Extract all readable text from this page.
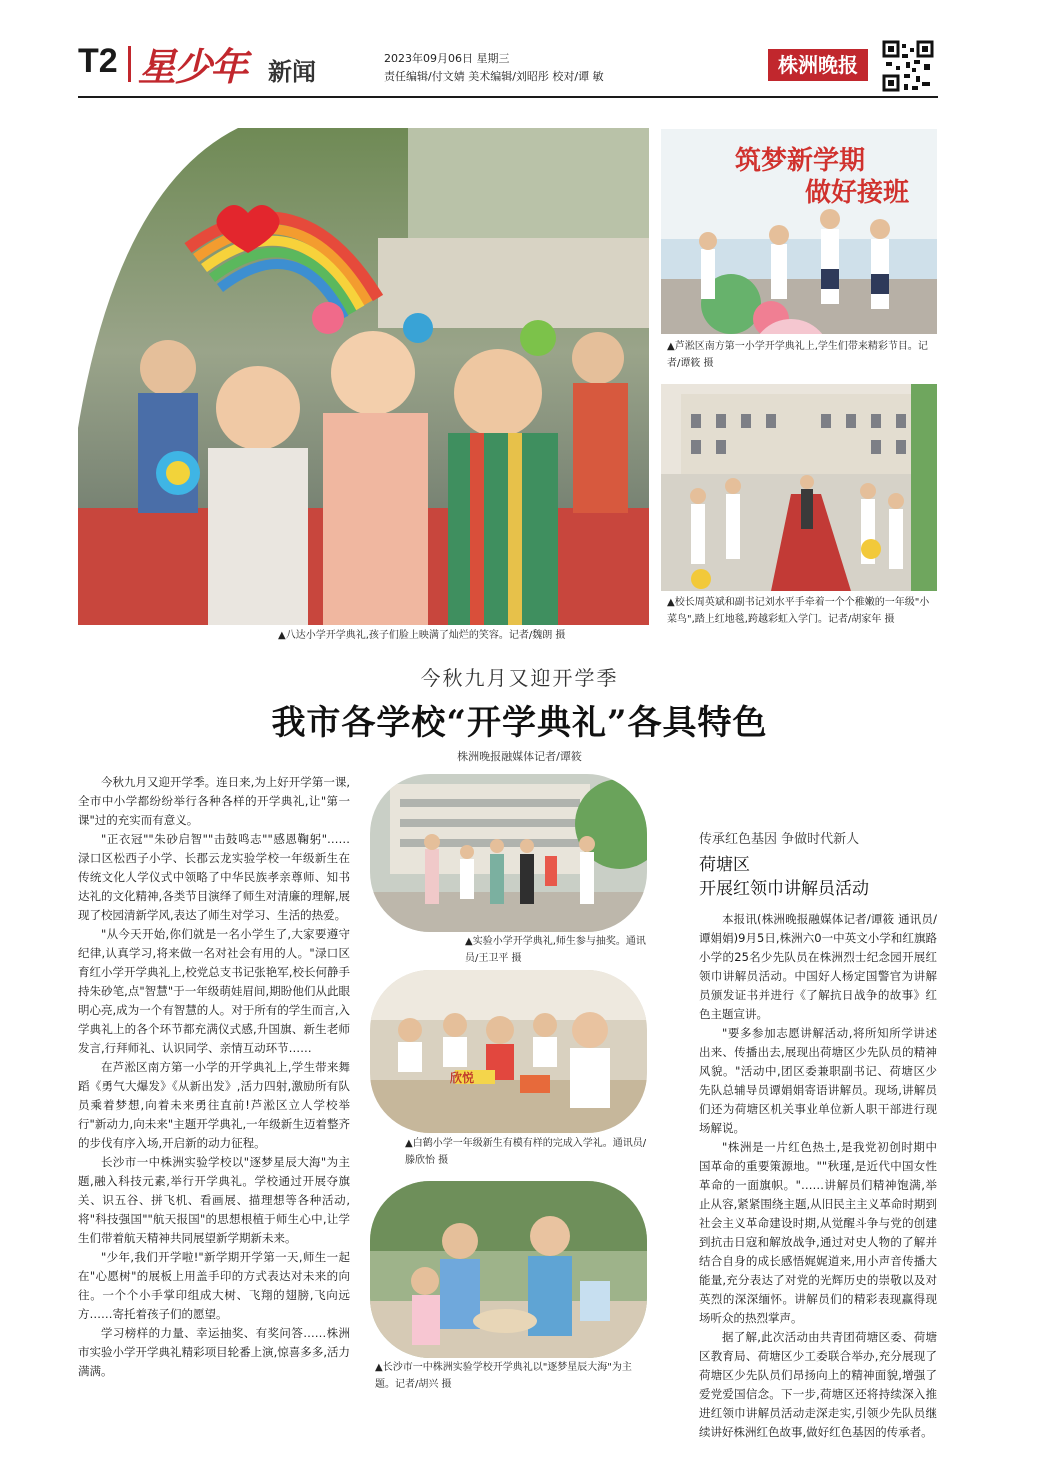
T2 星少年 新闻	2023年09月06日 星期三
责任编辑/付文婧 美术编辑/刘昭彤 校对/谭 敏	株洲晚报
▲八达小学开学典礼,孩子们脸上映满了灿烂的笑容。记者/魏朗 摄
筑梦新学期
做好接班
▲芦淞区南方第一小学开学典礼上,学生们带来精彩节目。记者/谭筱 摄
▲校长周英斌和副书记刘水平手牵着一个个稚嫩的一年级"小菜鸟",踏上红地毯,跨越彩虹入学门。记者/胡家年 摄
今秋九月又迎开学季
我市各学校“开学典礼”各具特色
株洲晚报融媒体记者/谭筱

今秋九月又迎开学季。连日来,为上好开学第一课,全市中小学都纷纷举行各种各样的开学典礼,让"第一课"过的充实而有意义。

"正衣冠""朱砂启智""击鼓鸣志""感恩鞠躬"……渌口区松西子小学、长郡云龙实验学校一年级新生在传统文化人学仪式中领略了中华民族孝亲尊师、知书达礼的文化精神,各类节目演绎了师生对清廉的理解,展现了校园清新学风,表达了师生对学习、生活的热爱。

"从今天开始,你们就是一名小学生了,大家要遵守纪律,认真学习,将来做一名对社会有用的人。"渌口区育红小学开学典礼上,校党总支书记张艳军,校长何静手持朱砂笔,点"智慧"于一年级萌娃眉间,期盼他们从此眼明心亮,成为一个有智慧的人。对于所有的学生而言,入学典礼上的各个环节都充满仪式感,升国旗、新生老师发言,行拜师礼、认识同学、亲情互动环节……

在芦淞区南方第一小学的开学典礼上,学生带来舞蹈《勇气大爆发》《从新出发》,活力四射,激励所有队员乘着梦想,向着未来勇往直前!芦淞区立人学校举行"新动力,向未来"主题开学典礼,一年级新生迈着整齐的步伐有序入场,开启新的动力征程。

长沙市一中株洲实验学校以"逐梦星辰大海"为主题,融入科技元素,举行开学典礼。学校通过开展夺旗关、识五谷、拼飞机、看画展、描理想等各种活动,将"科技强国""航天报国"的思想根植于师生心中,让学生们带着航天精神共同展望新学期新未来。

"少年,我们开学啦!"新学期开学第一天,师生一起在"心愿树"的展板上用盖手印的方式表达对未来的向往。一个个小手掌印组成大树、飞翔的翅膀,飞向远方……寄托着孩子们的愿望。

学习榜样的力量、幸运抽奖、有奖问答……株洲市实验小学开学典礼精彩项目轮番上演,惊喜多多,活力满满。

▲实验小学开学典礼,师生参与抽奖。通讯员/王卫平 摄
欣悦
▲白鹤小学一年级新生有模有样的完成入学礼。通讯员/滕欣怡 摄
▲长沙市一中株洲实验学校开学典礼以"逐梦星辰大海"为主题。记者/胡兴 摄
传承红色基因 争做时代新人
荷塘区
开展红领巾讲解员活动

本报讯(株洲晚报融媒体记者/谭筱 通讯员/谭娟娟)9月5日,株洲六0一中英文小学和红旗路小学的25名少先队员在株洲烈士纪念园开展红领巾讲解员活动。中国好人杨定国警官为讲解员颁发证书并进行《了解抗日战争的故事》红色主题宣讲。

"要多参加志愿讲解活动,将所知所学讲述出来、传播出去,展现出荷塘区少先队员的精神风貌。"活动中,团区委兼职副书记、荷塘区少先队总辅导员谭娟娟寄语讲解员。现场,讲解员们还为荷塘区机关事业单位新人职干部进行现场解说。

"株洲是一片红色热土,是我党初创时期中国革命的重要策源地。""秋瑾,是近代中国女性革命的一面旗帜。"……讲解员们精神饱满,举止从容,紧紧围绕主题,从旧民主主义革命时期到社会主义革命建设时期,从觉醒斗争与党的创建到抗击日寇和解放战争,通过对史人物的了解并结合自身的成长感悟娓娓道来,用小声音传播大能量,充分表达了对党的光辉历史的崇敬以及对英烈的深深缅怀。讲解员们的精彩表现赢得现场听众的热烈掌声。

据了解,此次活动由共青团荷塘区委、荷塘区教育局、荷塘区少工委联合举办,充分展现了荷塘区少先队员们昂扬向上的精神面貌,增强了爱党爱国信念。下一步,荷塘区还将持续深入推进红领巾讲解员活动走深走实,引领少先队员继续讲好株洲红色故事,做好红色基因的传承者。
